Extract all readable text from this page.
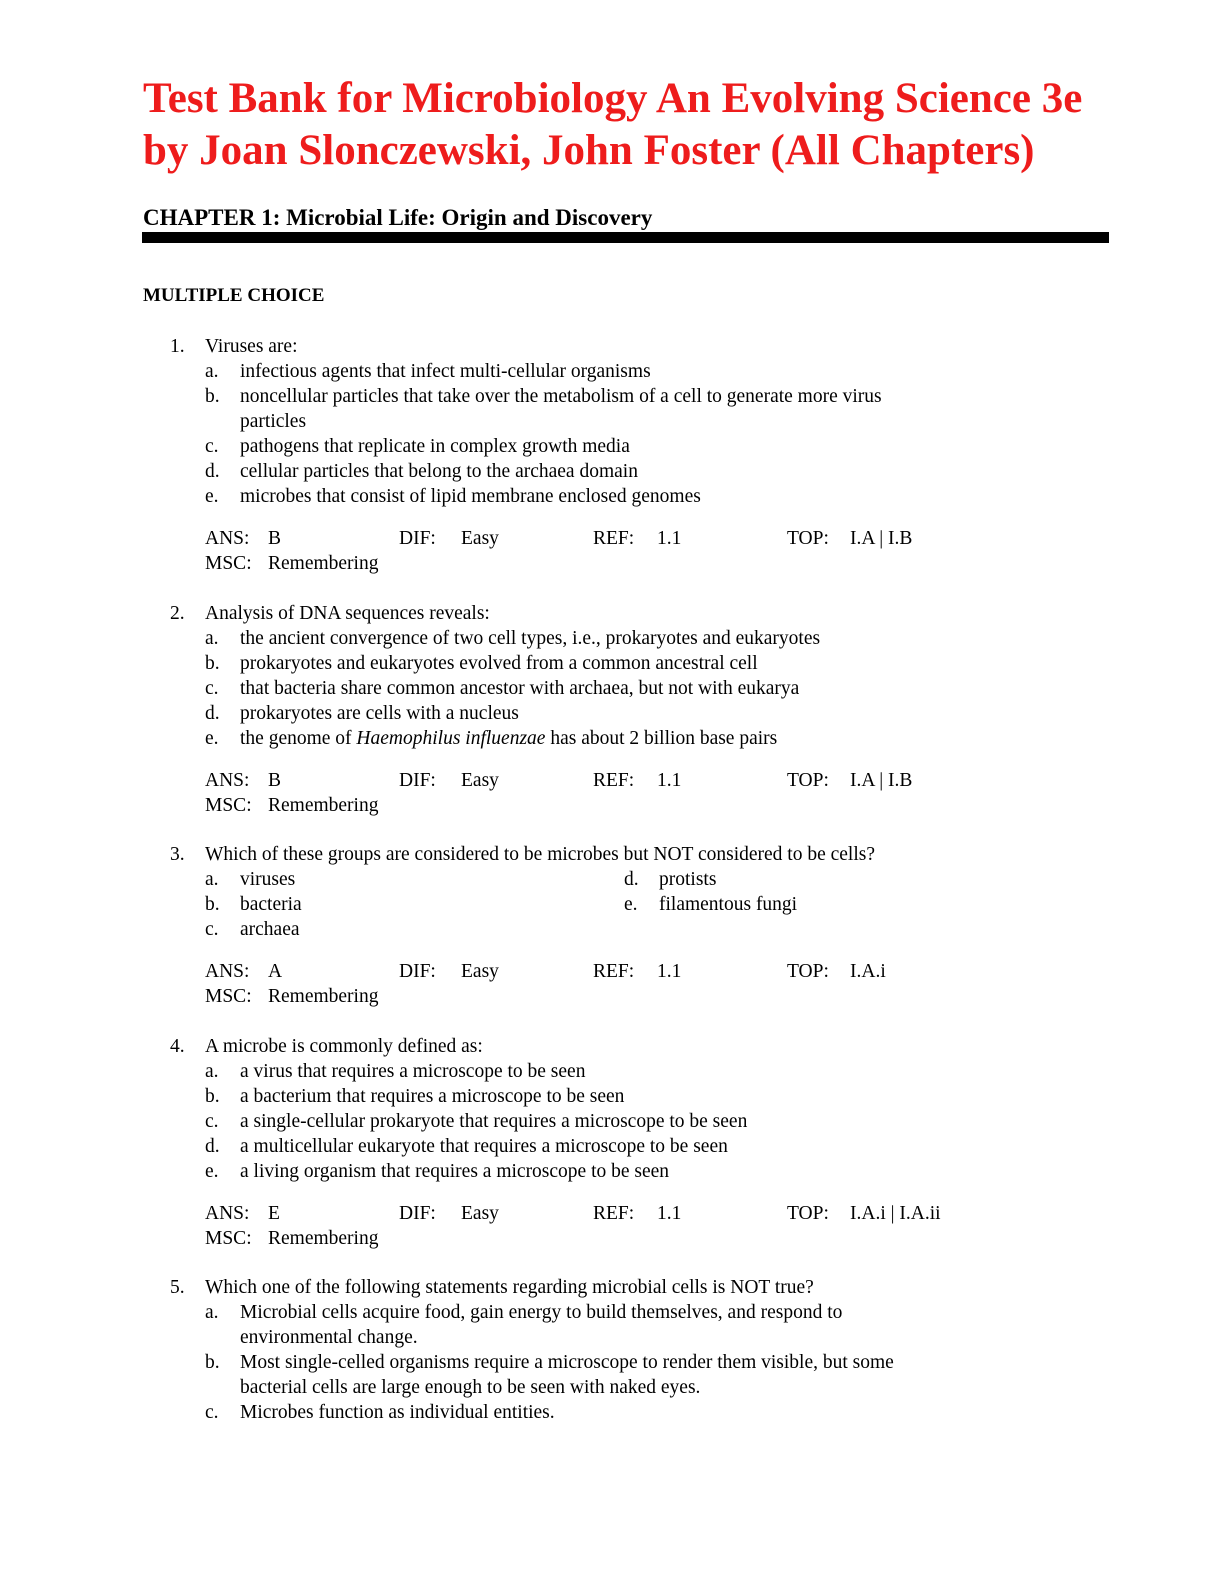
Test Bank for Microbiology An Evolving Science 3e
by Joan Slonczewski, John Foster (All Chapters)
CHAPTER 1: Microbial Life: Origin and Discovery
MULTIPLE CHOICE
1. Viruses are:
a. infectious agents that infect multi-cellular organisms
b. noncellular particles that take over the metabolism of a cell to generate more virus
particles
c. pathogens that replicate in complex growth media
d. cellular particles that belong to the archaea domain
e. microbes that consist of lipid membrane enclosed genomes
ANS: B	DIF: Easy	REF: 1.1	TOP: I.A | I.B
MSC: Remembering
2. Analysis of DNA sequences reveals:
a. the ancient convergence of two cell types, i.e., prokaryotes and eukaryotes
b. prokaryotes and eukaryotes evolved from a common ancestral cell
c. that bacteria share common ancestor with archaea, but not with eukarya
d. prokaryotes are cells with a nucleus
e. the genome of Haemophilus influenzae has about 2 billion base pairs
ANS: B	DIF: Easy	REF: 1.1	TOP: I.A | I.B
MSC: Remembering
3. Which of these groups are considered to be microbes but NOT considered to be cells?
a. viruses	d. protists
b. bacteria	e. filamentous fungi
c. archaea
ANS: A	DIF: Easy	REF: 1.1	TOP: I.A.i
MSC: Remembering
4. A microbe is commonly defined as:
a. a virus that requires a microscope to be seen
b. a bacterium that requires a microscope to be seen
c. a single-cellular prokaryote that requires a microscope to be seen
d. a multicellular eukaryote that requires a microscope to be seen
e. a living organism that requires a microscope to be seen
ANS: E	DIF: Easy	REF: 1.1	TOP: I.A.i | I.A.ii
MSC: Remembering
5. Which one of the following statements regarding microbial cells is NOT true?
a. Microbial cells acquire food, gain energy to build themselves, and respond to
environmental change.
b. Most single-celled organisms require a microscope to render them visible, but some
bacterial cells are large enough to be seen with naked eyes.
c. Microbes function as individual entities.
